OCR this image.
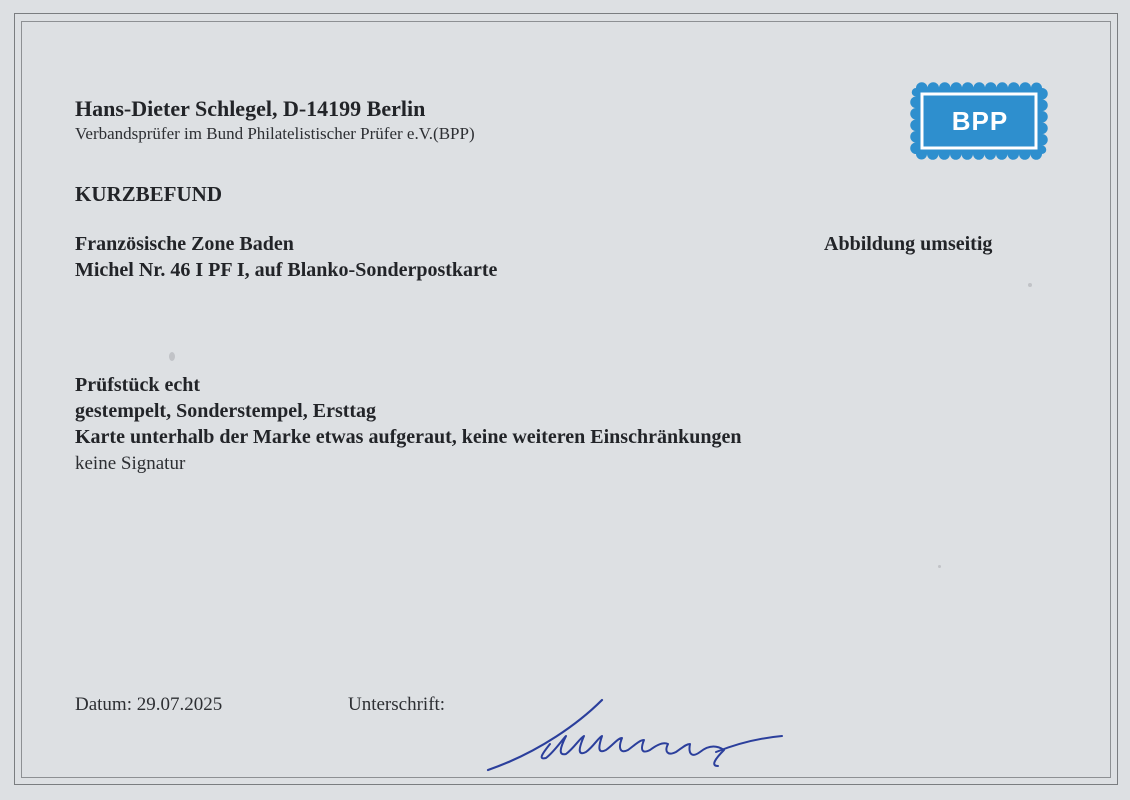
Hans-Dieter Schlegel, D-14199 Berlin
Verbandsprüfer im Bund Philatelistischer Prüfer e.V.(BPP)	BPP
KURZBEFUND
Französische Zone Baden
Michel Nr. 46 I PF I, auf Blanko-Sonderpostkarte
Abbildung umseitig
Prüfstück echt
gestempelt, Sonderstempel, Ersttag
Karte unterhalb der Marke etwas aufgeraut, keine weiteren Einschränkungen
keine Signatur
Datum: 29.07.2025	Unterschrift:
